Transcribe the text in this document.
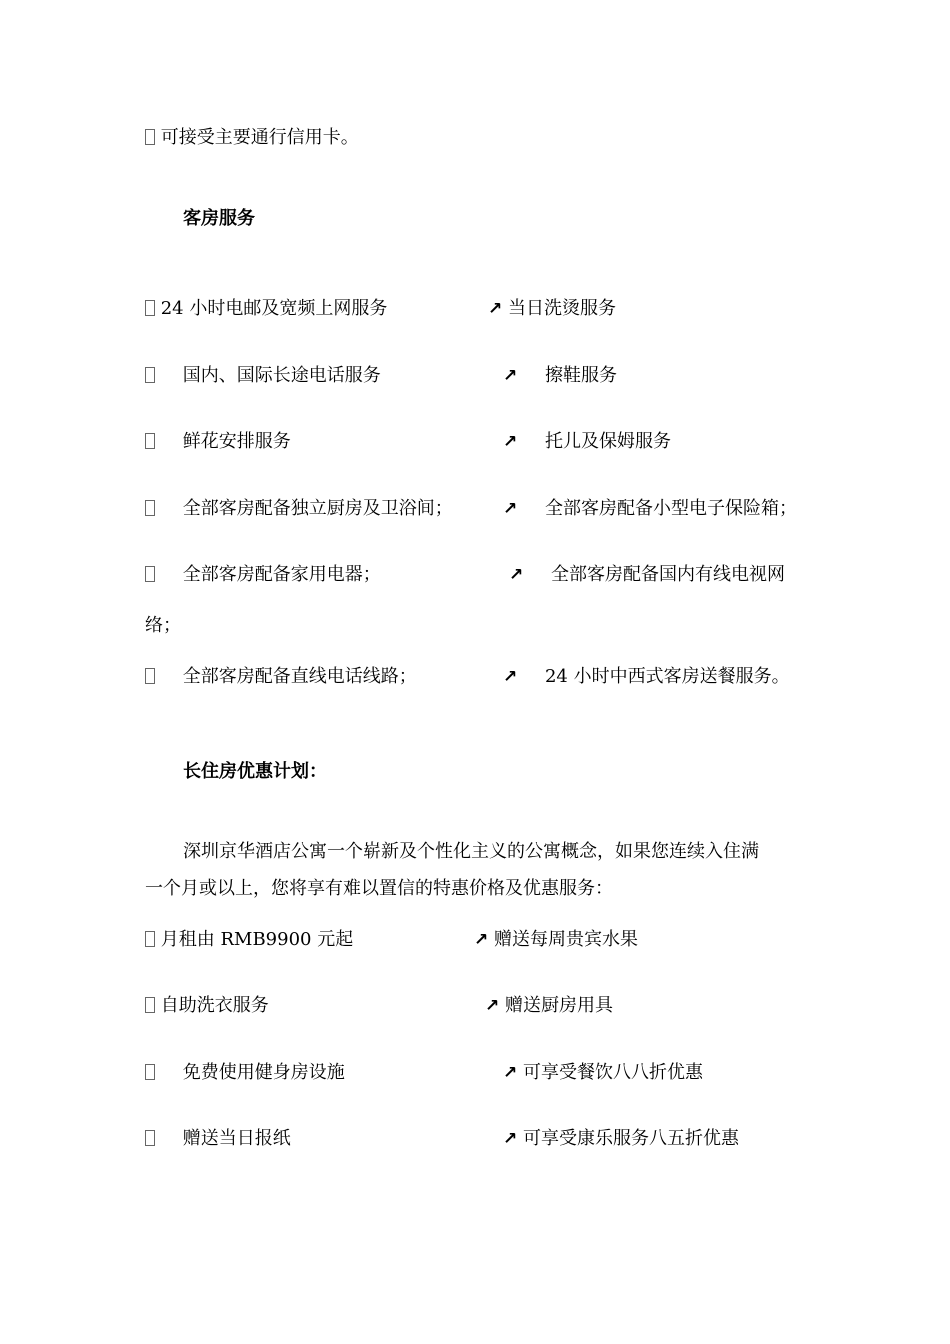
可接受主要通行信用卡。
客房服务
24 小时电邮及宽频上网服务	↗ 当日洗烫服务
国内、国际长途电话服务	↗ 擦鞋服务
鲜花安排服务	↗ 托儿及保姆服务
全部客房配备独立厨房及卫浴间；	↗ 全部客房配备小型电子保险箱；
全部客房配备家用电器；	↗ 全部客房配备国内有线电视网
络；
全部客房配备直线电话线路；	↗ 24 小时中西式客房送餐服务。
长住房优惠计划：
深圳京华酒店公寓一个崭新及个性化主义的公寓概念，如果您连续入住满
一个月或以上，您将享有难以置信的特惠价格及优惠服务：
月租由 RMB9900 元起	↗ 赠送每周贵宾水果
自助洗衣服务	↗ 赠送厨房用具
免费使用健身房设施	↗ 可享受餐饮八八折优惠
赠送当日报纸	↗ 可享受康乐服务八五折优惠
